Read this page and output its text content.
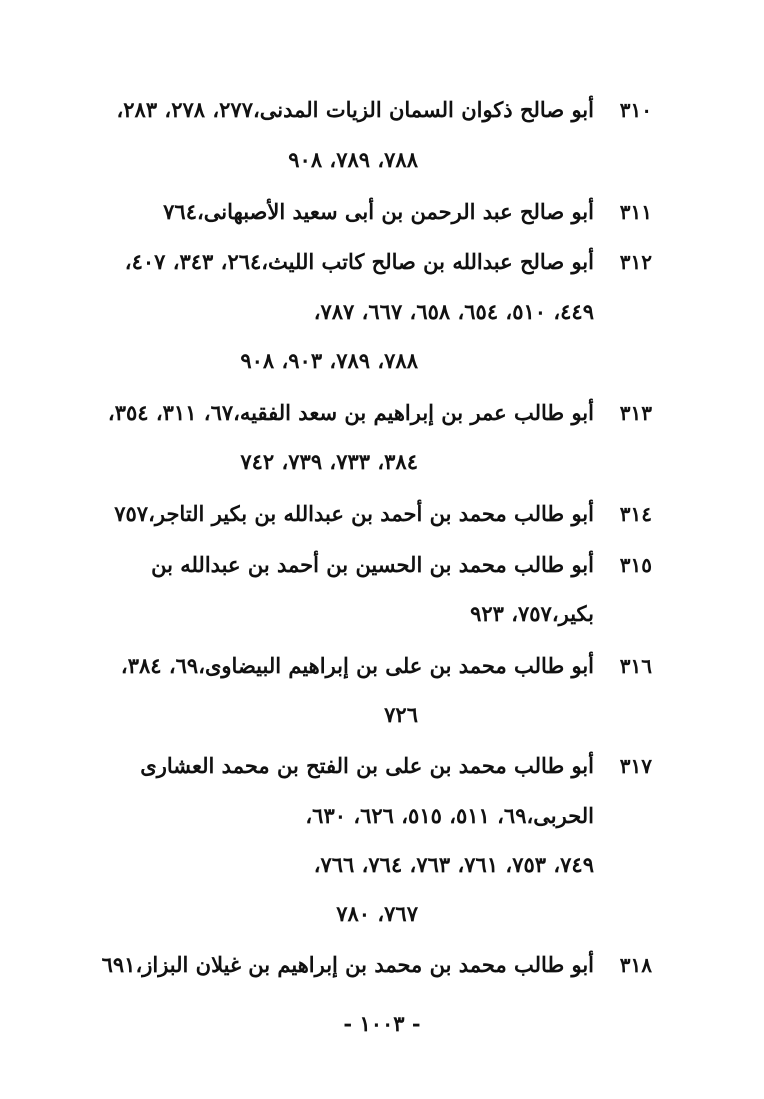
٣١٠
أبو صالح ذكوان السمان الزيات المدنى،٢٧٧، ٢٧٨، ٢٨٣،
٧٨٨، ٧٨٩، ٩٠٨
٣١١
أبو صالح عبد الرحمن بن أبى سعيد الأصبهانى،٧٦٤
٣١٢
أبو صالح عبدالله بن صالح كاتب الليث،٢٦٤، ٣٤٣، ٤٠٧،
٤٤٩، ٥١٠، ٦٥٤، ٦٥٨، ٦٦٧، ٧٨٧،
٧٨٨، ٧٨٩، ٩٠٣، ٩٠٨
٣١٣
أبو طالب عمر بن إبراهيم بن سعد الفقيه،٦٧، ٣١١، ٣٥٤،
٣٨٤، ٧٣٣، ٧٣٩، ٧٤٢
٣١٤
أبو طالب محمد بن أحمد بن عبدالله بن بكير التاجر،٧٥٧
٣١٥
أبو طالب محمد بن الحسين بن أحمد بن عبدالله بن
بكير،٧٥٧، ٩٢٣
٣١٦
أبو طالب محمد بن على بن إبراهيم البيضاوى،٦٩، ٣٨٤،
٧٢٦
٣١٧
أبو طالب محمد بن على بن الفتح بن محمد العشارى
الحربى،٦٩، ٥١١، ٥١٥، ٦٢٦، ٦٣٠،
٧٤٩، ٧٥٣، ٧٦١، ٧٦٣، ٧٦٤، ٧٦٦،
٧٦٧، ٧٨٠
٣١٨
أبو طالب محمد بن محمد بن إبراهيم بن غيلان البزاز،٦٩١
- ١٠٠٣ -
